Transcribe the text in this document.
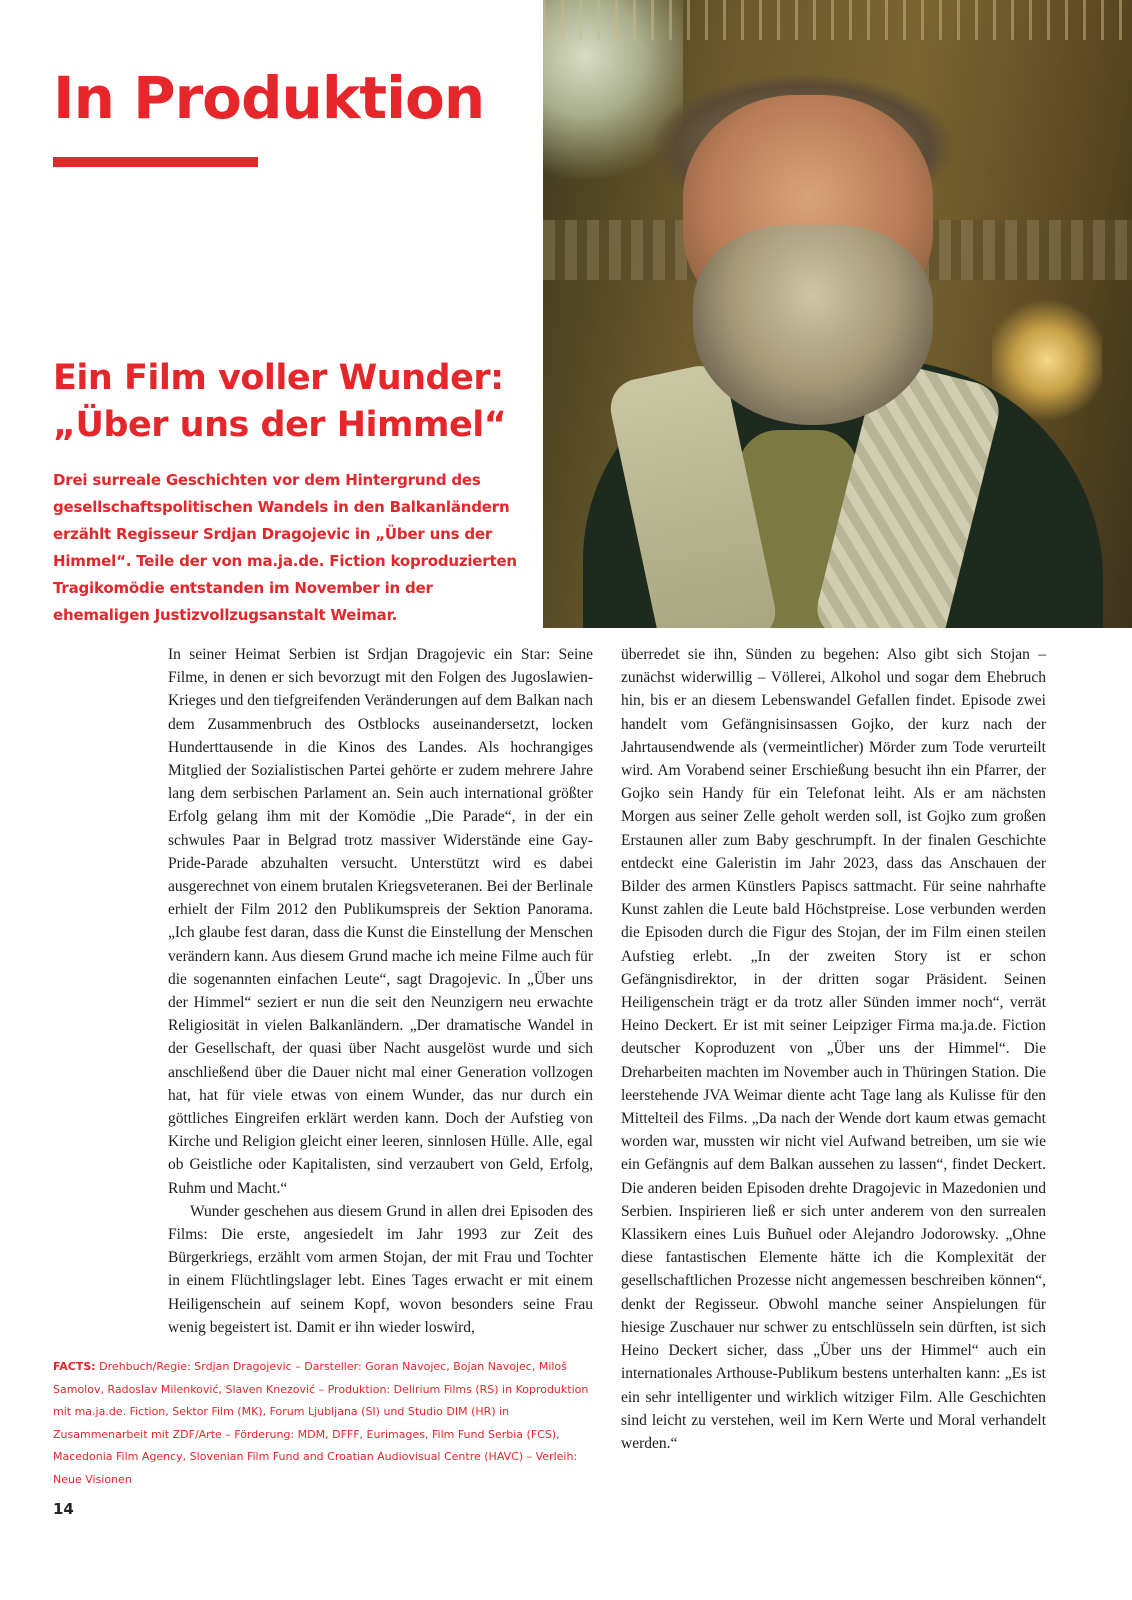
In Produktion
Ein Film voller Wunder:
„Über uns der Himmel“

Drei surreale Geschichten vor dem Hintergrund des gesellschaftspolitischen Wandels in den Balkanländern erzählt Regisseur Srdjan Dragojevic in „Über uns der Himmel“. Teile der von ma.ja.de. Fiction koproduzierten Tragikomödie entstanden im November in der ehemaligen Justizvollzugsanstalt Weimar.

In seiner Heimat Serbien ist Srdjan Dragojevic ein Star: Seine Filme, in denen er sich bevorzugt mit den Folgen des Jugoslawien-Krieges und den tiefgreifenden Veränderungen auf dem Balkan nach dem Zusammenbruch des Ostblocks auseinandersetzt, locken Hunderttausende in die Kinos des Landes. Als hochrangiges Mitglied der Sozialistischen Partei gehörte er zudem mehrere Jahre lang dem serbischen Parlament an. Sein auch international größter Erfolg gelang ihm mit der Komödie „Die Parade“, in der ein schwules Paar in Belgrad trotz massiver Widerstände eine Gay-Pride-Parade abzuhalten versucht. Unterstützt wird es dabei ausgerechnet von einem brutalen Kriegsveteranen. Bei der Berlinale erhielt der Film 2012 den Publikumspreis der Sektion Panorama. „Ich glaube fest daran, dass die Kunst die Einstellung der Menschen verändern kann. Aus diesem Grund mache ich meine Filme auch für die sogenannten einfachen Leute“, sagt Dragojevic. In „Über uns der Himmel“ seziert er nun die seit den Neunzigern neu erwachte Religiosität in vielen Balkanländern. „Der dramatische Wandel in der Gesellschaft, der quasi über Nacht ausgelöst wurde und sich anschließend über die Dauer nicht mal einer Generation vollzogen hat, hat für viele etwas von einem Wunder, das nur durch ein göttliches Eingreifen erklärt werden kann. Doch der Aufstieg von Kirche und Religion gleicht einer leeren, sinnlosen Hülle. Alle, egal ob Geistliche oder Kapitalisten, sind verzaubert von Geld, Erfolg, Ruhm und Macht.“

Wunder geschehen aus diesem Grund in allen drei Episoden des Films: Die erste, angesiedelt im Jahr 1993 zur Zeit des Bürgerkriegs, erzählt vom armen Stojan, der mit Frau und Tochter in einem Flüchtlingslager lebt. Eines Tages erwacht er mit einem Heiligenschein auf seinem Kopf, wovon besonders seine Frau wenig begeistert ist. Damit er ihn wieder loswird,

überredet sie ihn, Sünden zu begehen: Also gibt sich Stojan – zunächst widerwillig – Völlerei, Alkohol und sogar dem Ehebruch hin, bis er an diesem Lebenswandel Gefallen findet. Episode zwei handelt vom Gefängnisinsassen Gojko, der kurz nach der Jahrtausendwende als (vermeintlicher) Mörder zum Tode verurteilt wird. Am Vorabend seiner Erschießung besucht ihn ein Pfarrer, der Gojko sein Handy für ein Telefonat leiht. Als er am nächsten Morgen aus seiner Zelle geholt werden soll, ist Gojko zum großen Erstaunen aller zum Baby geschrumpft. In der finalen Geschichte entdeckt eine Galeristin im Jahr 2023, dass das Anschauen der Bilder des armen Künstlers Papiscs sattmacht. Für seine nahrhafte Kunst zahlen die Leute bald Höchstpreise. Lose verbunden werden die Episoden durch die Figur des Stojan, der im Film einen steilen Aufstieg erlebt. „In der zweiten Story ist er schon Gefängnisdirektor, in der dritten sogar Präsident. Seinen Heiligenschein trägt er da trotz aller Sünden immer noch“, verrät Heino Deckert. Er ist mit seiner Leipziger Firma ma.ja.de. Fiction deutscher Koproduzent von „Über uns der Himmel“. Die Dreharbeiten machten im November auch in Thüringen Station. Die leerstehende JVA Weimar diente acht Tage lang als Kulisse für den Mittelteil des Films. „Da nach der Wende dort kaum etwas gemacht worden war, mussten wir nicht viel Aufwand betreiben, um sie wie ein Gefängnis auf dem Balkan aussehen zu lassen“, findet Deckert. Die anderen beiden Episoden drehte Dragojevic in Mazedonien und Serbien. Inspirieren ließ er sich unter anderem von den surrealen Klassikern eines Luis Buñuel oder Alejandro Jodorowsky. „Ohne diese fantastischen Elemente hätte ich die Komplexität der gesellschaftlichen Prozesse nicht angemessen beschreiben können“, denkt der Regisseur. Obwohl manche seiner Anspielungen für hiesige Zuschauer nur schwer zu entschlüsseln sein dürften, ist sich Heino Deckert sicher, dass „Über uns der Himmel“ auch ein internationales Arthouse-Publikum bestens unterhalten kann: „Es ist ein sehr intelligenter und wirklich witziger Film. Alle Geschichten sind leicht zu verstehen, weil im Kern Werte und Moral verhandelt werden.“

FACTS: Drehbuch/Regie: Srdjan Dragojevic – Darsteller: Goran Navojec, Bojan Navojec, Miloš Samolov, Radoslav Milenković, Slaven Knezović – Produktion: Delirium Films (RS) in Koproduktion mit ma.ja.de. Fiction, Sektor Film (MK), Forum Ljubljana (SI) und Studio DIM (HR) in Zusammenarbeit mit ZDF/Arte – Förderung: MDM, DFFF, Eurimages, Film Fund Serbia (FCS), Macedonia Film Agency, Slovenian Film Fund and Croatian Audiovisual Centre (HAVC) – Verleih: Neue Visionen

14
